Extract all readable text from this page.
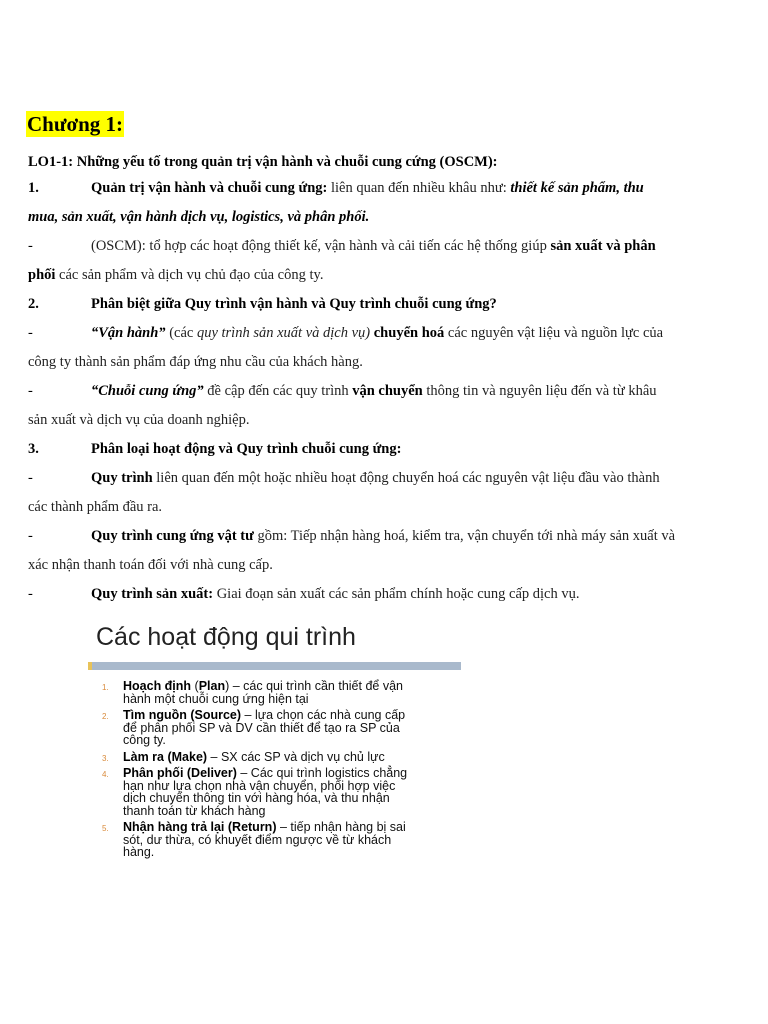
Chương 1:
LO1-1: Những yếu tố trong quản trị vận hành và chuỗi cung cứng (OSCM):
1.	Quản trị vận hành và chuỗi cung ứng: liên quan đến nhiều khâu như: thiết kế sản phẩm, thu
mua, sản xuất, vận hành dịch vụ, logistics, và phân phối.
-	(OSCM): tổ hợp các hoạt động thiết kế, vận hành và cải tiến các hệ thống giúp sản xuất và phân
phối các sản phẩm và dịch vụ chủ đạo của công ty.
2.	Phân biệt giữa Quy trình vận hành và Quy trình chuỗi cung ứng?
-	“Vận hành” (các quy trình sản xuất và dịch vụ) chuyển hoá các nguyên vật liệu và nguồn lực của
công ty thành sản phẩm đáp ứng nhu cầu của khách hàng.
-	“Chuỗi cung ứng” đề cập đến các quy trình vận chuyển thông tin và nguyên liệu đến và từ khâu
sản xuất và dịch vụ của doanh nghiệp.
3.	Phân loại hoạt động và Quy trình chuỗi cung ứng:
-	Quy trình liên quan đến một hoặc nhiều hoạt động chuyển hoá các nguyên vật liệu đầu vào thành
các thành phẩm đầu ra.
-	Quy trình cung ứng vật tư gồm: Tiếp nhận hàng hoá, kiểm tra, vận chuyển tới nhà máy sản xuất và
xác nhận thanh toán đối với nhà cung cấp.
-	Quy trình sản xuất: Giai đoạn sản xuất các sản phẩm chính hoặc cung cấp dịch vụ.
Các hoạt động qui trình
1. Hoạch định (Plan) – các qui trình cần thiết để vận
hành một chuỗi cung ứng hiện tại
2. Tìm nguồn (Source) – lựa chọn các nhà cung cấp
để phân phối SP và DV cần thiết để tạo ra SP của
công ty.
3. Làm ra (Make) – SX các SP và dịch vụ chủ lực
4. Phân phối (Deliver) – Các qui trình logistics chẳng
hạn như lựa chọn nhà vận chuyển, phối hợp việc
dịch chuyển thông tin với hàng hóa, và thu nhận
thanh toán từ khách hàng
5. Nhận hàng trả lại (Return) – tiếp nhận hàng bị sai
sót, dư thừa, có khuyết điểm ngược về từ khách
hàng.
